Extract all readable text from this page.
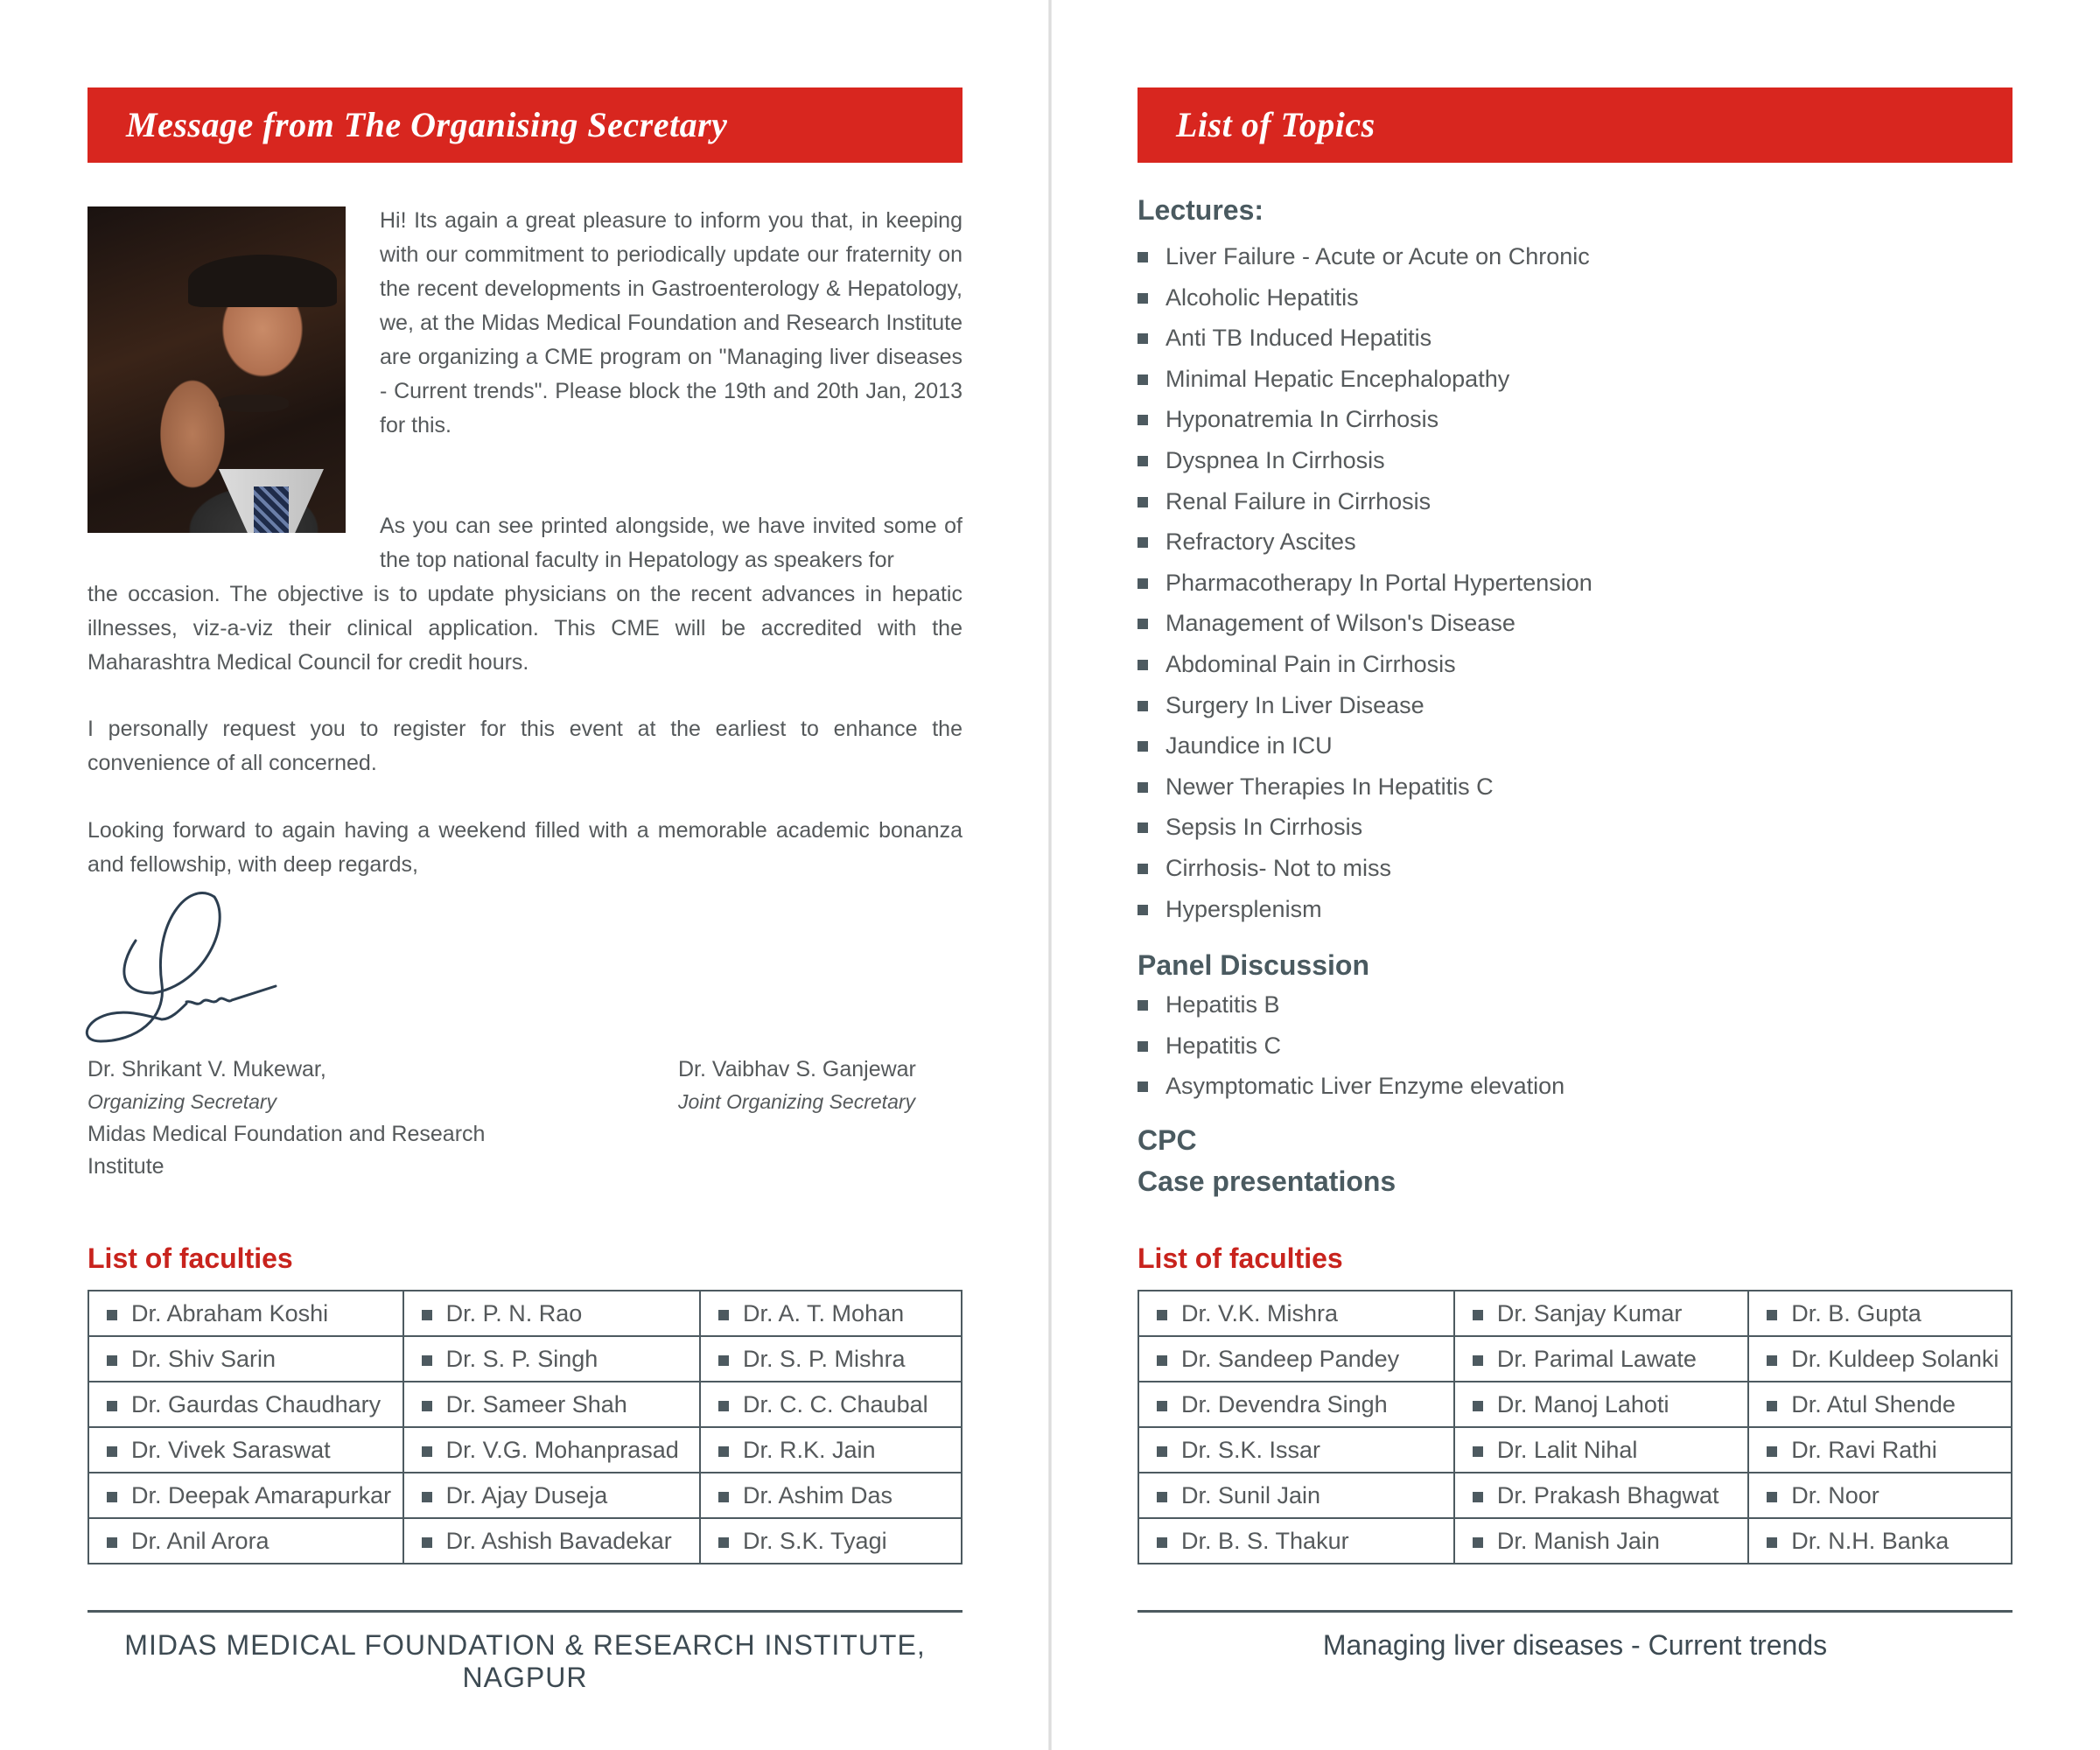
Message from The Organising Secretary

Hi! Its again a great pleasure to inform you that, in keeping with our commitment to periodically update our fraternity on the recent developments in Gastroenterology & Hepatology, we, at the Midas Medical Foundation and Research Institute are organizing a CME program on "Managing liver diseases - Current trends". Please block the 19th and 20th Jan, 2013 for this.

As you can see printed alongside, we have invited some of the top national faculty in Hepatology as speakers for

the occasion. The objective is to update physicians on the recent advances in hepatic illnesses, viz-a-viz their clinical application. This CME will be accredited with the Maharashtra Medical Council for credit hours.

I personally request you to register for this event at the earliest to enhance the convenience of all concerned.

Looking forward to again having a weekend filled with a memorable academic bonanza and fellowship, with deep regards,

Dr. Shrikant V. Mukewar,
Organizing Secretary
Midas Medical Foundation and Research Institute
Dr. Vaibhav S. Ganjewar
Joint Organizing Secretary
List of faculties
Dr. Abraham Koshi	Dr. P. N. Rao	Dr. A. T. Mohan

Dr. Shiv Sarin	Dr. S. P. Singh	Dr. S. P. Mishra

Dr. Gaurdas Chaudhary	Dr. Sameer Shah	Dr. C. C. Chaubal

Dr. Vivek Saraswat	Dr. V.G. Mohanprasad	Dr. R.K. Jain

Dr. Deepak Amarapurkar	Dr. Ajay Duseja	Dr. Ashim Das

Dr. Anil Arora	Dr. Ashish Bavadekar	Dr. S.K. Tyagi
MIDAS MEDICAL FOUNDATION & RESEARCH INSTITUTE, NAGPUR
List of Topics
Lectures:
Liver Failure - Acute or Acute on Chronic
Alcoholic Hepatitis
Anti TB Induced Hepatitis
Minimal Hepatic Encephalopathy
Hyponatremia In Cirrhosis
Dyspnea In Cirrhosis
Renal Failure in Cirrhosis
Refractory Ascites
Pharmacotherapy In Portal Hypertension
Management of Wilson's Disease
Abdominal Pain in Cirrhosis
Surgery In Liver Disease
Jaundice in ICU
Newer Therapies In Hepatitis C
Sepsis In Cirrhosis
Cirrhosis- Not to miss
Hypersplenism
Panel Discussion
Hepatitis B
Hepatitis C
Asymptomatic Liver Enzyme elevation
CPC
Case presentations
List of faculties
Dr. V.K. Mishra	Dr. Sanjay Kumar	Dr. B. Gupta

Dr. Sandeep Pandey	Dr. Parimal Lawate	Dr. Kuldeep Solanki

Dr. Devendra Singh	Dr. Manoj Lahoti	Dr. Atul Shende

Dr. S.K. Issar	Dr. Lalit Nihal	Dr. Ravi Rathi

Dr. Sunil Jain	Dr. Prakash Bhagwat	Dr. Noor

Dr. B. S. Thakur	Dr. Manish Jain	Dr. N.H. Banka
Managing liver diseases - Current trends
